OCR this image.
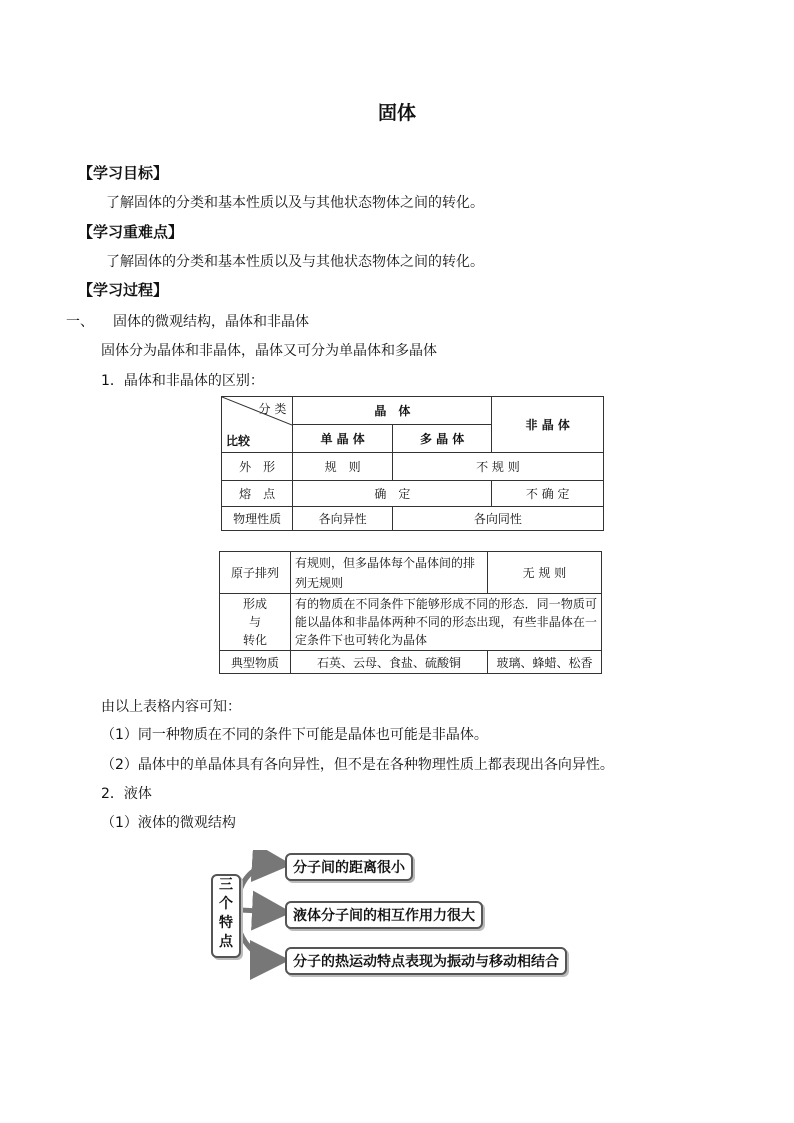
固体
【学习目标】
了解固体的分类和基本性质以及与其他状态物体之间的转化。
【学习重难点】
了解固体的分类和基本性质以及与其他状态物体之间的转化。
【学习过程】
一、 固体的微观结构，晶体和非晶体
固体分为晶体和非晶体，晶体又可分为单晶体和多晶体
1．晶体和非晶体的区别：
分 类
比较	晶　体		非 晶 体
	单 晶 体	多 晶 体	
外　形	规　则	不 规 则	
熔　点	确　定		不 确 定
物理性质	各向异性	各向同性	
原子排列	有规则，但多晶体每个晶体间的排列无规则	无 规 则

形成
与
转化	有的物质在不同条件下能够形成不同的形态．同一物质可能以晶体和非晶体两种不同的形态出现，有些非晶体在一定条件下也可转化为晶体	
典型物质	石英、云母、食盐、硫酸铜	玻璃、蜂蜡、松香
由以上表格内容可知：
（1）同一种物质在不同的条件下可能是晶体也可能是非晶体。
（2）晶体中的单晶体具有各向异性，但不是在各种物理性质上都表现出各向异性。
2．液体
（1）液体的微观结构
三
个
特
点
分子间的距离很小
液体分子间的相互作用力很大
分子的热运动特点表现为振动与移动相结合
